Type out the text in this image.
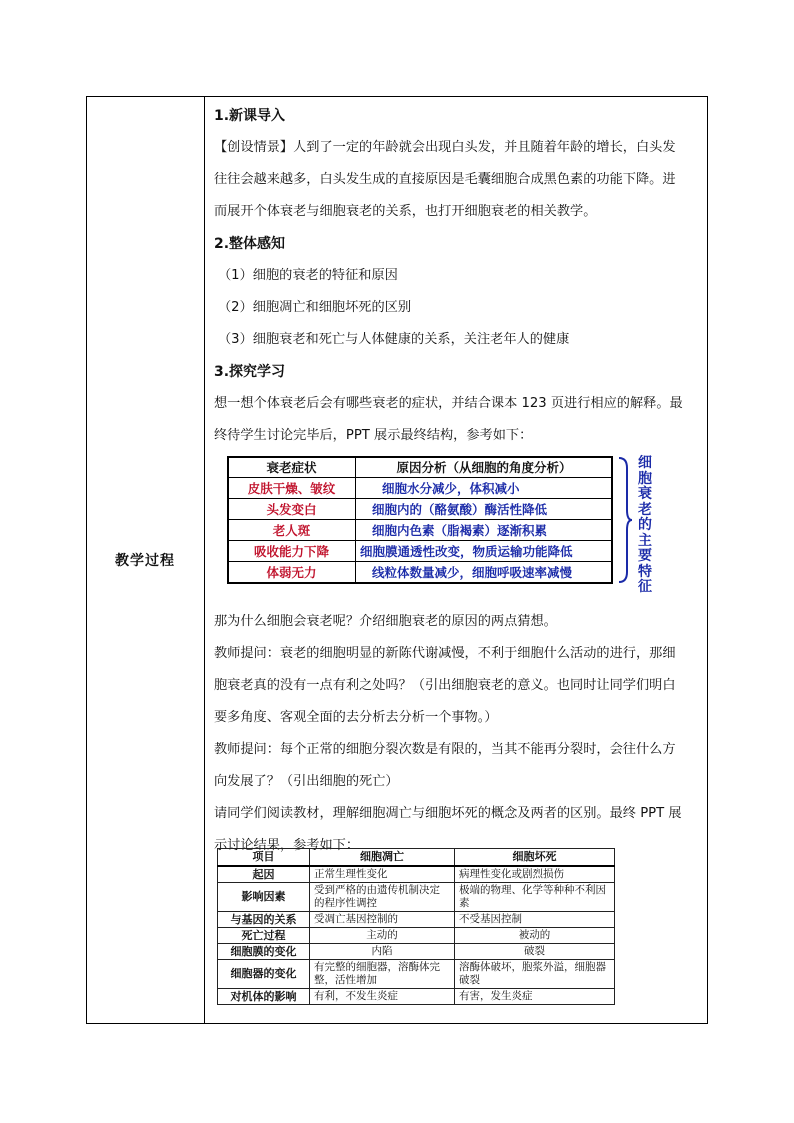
教学过程

1.新课导入

【创设情景】人到了一定的年龄就会出现白头发，并且随着年龄的增长，白头发

往往会越来越多，白头发生成的直接原因是毛囊细胞合成黑色素的功能下降。进

而展开个体衰老与细胞衰老的关系，也打开细胞衰老的相关教学。

2.整体感知

（1）细胞的衰老的特征和原因

（2）细胞凋亡和细胞坏死的区别

（3）细胞衰老和死亡与人体健康的关系，关注老年人的健康

3.探究学习

想一想个体衰老后会有哪些衰老的症状，并结合课本 123 页进行相应的解释。最

终待学生讨论完毕后，PPT 展示最终结构，参考如下：

那为什么细胞会衰老呢？介绍细胞衰老的原因的两点猜想。

教师提问：衰老的细胞明显的新陈代谢减慢，不利于细胞什么活动的进行，那细

胞衰老真的没有一点有利之处吗？（引出细胞衰老的意义。也同时让同学们明白

要多角度、客观全面的去分析去分析一个事物。）

教师提问：每个正常的细胞分裂次数是有限的，当其不能再分裂时，会往什么方

向发展了？（引出细胞的死亡）

请同学们阅读教材，理解细胞凋亡与细胞坏死的概念及两者的区别。最终 PPT 展

示讨论结果，参考如下：

衰老症状	原因分析（从细胞的角度分析）
皮肤干燥、皱纹	细胞水分减少，体积减小
头发变白	细胞内的（酪氨酸）酶活性降低
老人斑	细胞内色素（脂褐素）逐渐积累
吸收能力下降	细胞膜通透性改变，物质运输功能降低
体弱无力	线粒体数量减少，细胞呼吸速率减慢
细
胞
衰
老
的
主
要
特
征
项目	细胞凋亡	细胞坏死
起因	正常生理性变化	病理性变化或剧烈损伤
影响因素	受到严格的由遗传机制决定的程序性调控	极端的物理、化学等种种不利因素
与基因的关系	受凋亡基因控制的	不受基因控制
死亡过程	主动的	被动的
细胞膜的变化	内陷	破裂
细胞器的变化	有完整的细胞器，溶酶体完整，活性增加	溶酶体破坏，胞浆外溢，细胞器破裂
对机体的影响	有利，不发生炎症	有害，发生炎症
